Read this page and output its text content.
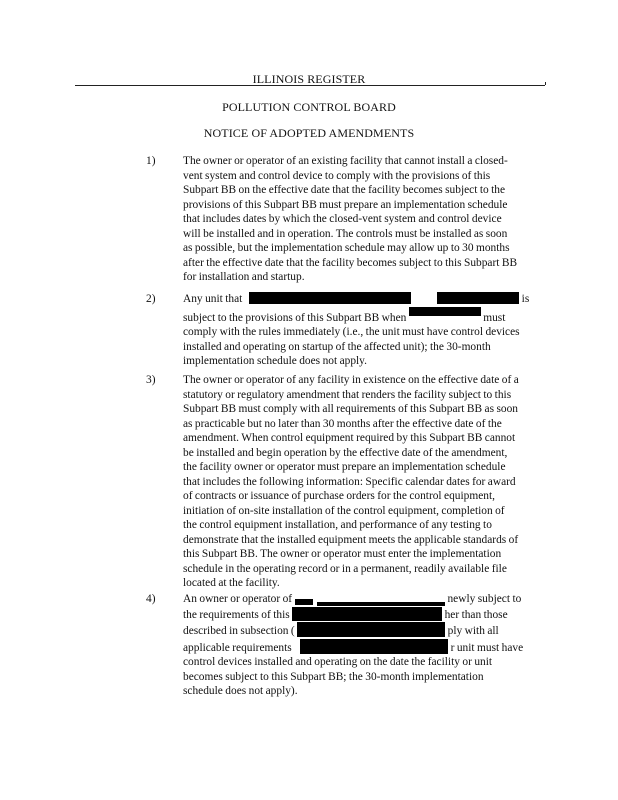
ILLINOIS REGISTER
POLLUTION CONTROL BOARD
NOTICE OF ADOPTED AMENDMENTS
1) The owner or operator of an existing facility that cannot install a closed-
vent system and control device to comply with the provisions of this
Subpart BB on the effective date that the facility becomes subject to the
provisions of this Subpart BB must prepare an implementation schedule
that includes dates by which the closed-vent system and control device
will be installed and in operation. The controls must be installed as soon
as possible, but the implementation schedule may allow up to 30 months
after the effective date that the facility becomes subject to this Subpart BB
for installation and startup.
2) Any unit that	is
subject to the provisions of this Subpart BB when	must
comply with the rules immediately (i.e., the unit must have control devices
installed and operating on startup of the affected unit); the 30-month
implementation schedule does not apply.
3) The owner or operator of any facility in existence on the effective date of a
statutory or regulatory amendment that renders the facility subject to this
Subpart BB must comply with all requirements of this Subpart BB as soon
as practicable but no later than 30 months after the effective date of the
amendment. When control equipment required by this Subpart BB cannot
be installed and begin operation by the effective date of the amendment,
the facility owner or operator must prepare an implementation schedule
that includes the following information: Specific calendar dates for award
of contracts or issuance of purchase orders for the control equipment,
initiation of on-site installation of the control equipment, completion of
the control equipment installation, and performance of any testing to
demonstrate that the installed equipment meets the applicable standards of
this Subpart BB. The owner or operator must enter the implementation
schedule in the operating record or in a permanent, readily available file
located at the facility.
4) An owner or operator of	newly subject to
the requirements of this	her than those
described in subsection (	ply with all
applicable requirements	r unit must have
control devices installed and operating on the date the facility or unit
becomes subject to this Subpart BB; the 30-month implementation
schedule does not apply).
